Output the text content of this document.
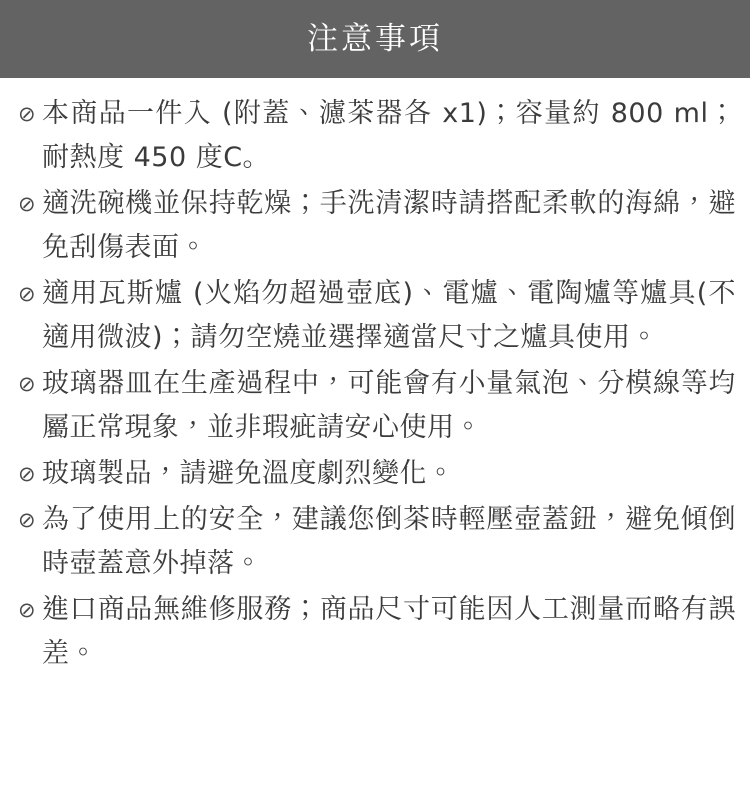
注意事項
⊘ 本商品一件入 (附蓋、濾茶器各 x1)；容量約 800 ml；耐熱度 450 度C。
⊘ 適洗碗機並保持乾燥；手洗清潔時請搭配柔軟的海綿，避免刮傷表面。
⊘ 適用瓦斯爐 (火焰勿超過壺底)、電爐、電陶爐等爐具(不適用微波)；請勿空燒並選擇適當尺寸之爐具使用。
⊘ 玻璃器皿在生產過程中，可能會有小量氣泡、分模線等均屬正常現象，並非瑕疵請安心使用。
⊘ 玻璃製品，請避免溫度劇烈變化。
⊘ 為了使用上的安全，建議您倒茶時輕壓壺蓋鈕，避免傾倒時壺蓋意外掉落。
⊘ 進口商品無維修服務；商品尺寸可能因人工測量而略有誤差。
